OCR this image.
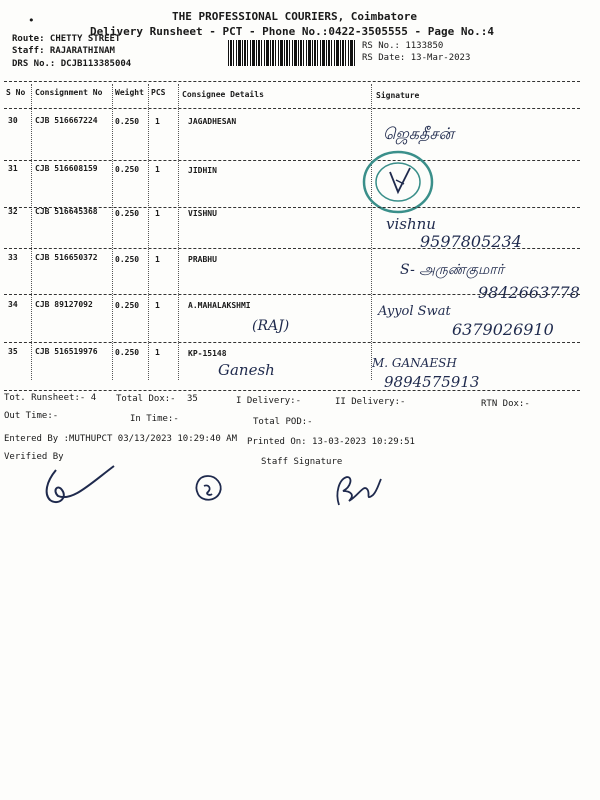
THE PROFESSIONAL COURIERS, Coimbatore
Delivery Runsheet - PCT - Phone No.:0422-3505555 - Page No.:4
•
Route: CHETTY STREET
Staff: RAJARATHINAM
DRS No.: DCJB113385004
RS No.: 1133850
RS Date: 13-Mar-2023
S No Consignment No Weight PCS Consignee Details	Signature
30 CJB 516667224 0.250 1	JAGADHESAN
ஜெகதீசன்
31 CJB 516608159 0.250 1	JIDHIN
32 CJB 516645368 0.250 1	VISHNU
vishnu
9597805234
33 CJB 516650372 0.250 1	PRABHU
S- அருண்குமார்
9842663778
34 CJB 89127092	0.250 1	A.MAHALAKSHMI
(RAJ)
Ayyol Swat
6379026910
35 CJB 516519976 0.250 1	KP-15148
Ganesh	M. GANAESH
9894575913
Tot. Runsheet:- 4 Total Dox:- 35	I Delivery:-	II Delivery:-	RTN Dox:-
Out Time:-	In Time:-	Total POD:-
Entered By :MUTHUPCT 03/13/2023 10:29:40 AM Printed On: 13-03-2023 10:29:51
Verified By	Staff Signature
